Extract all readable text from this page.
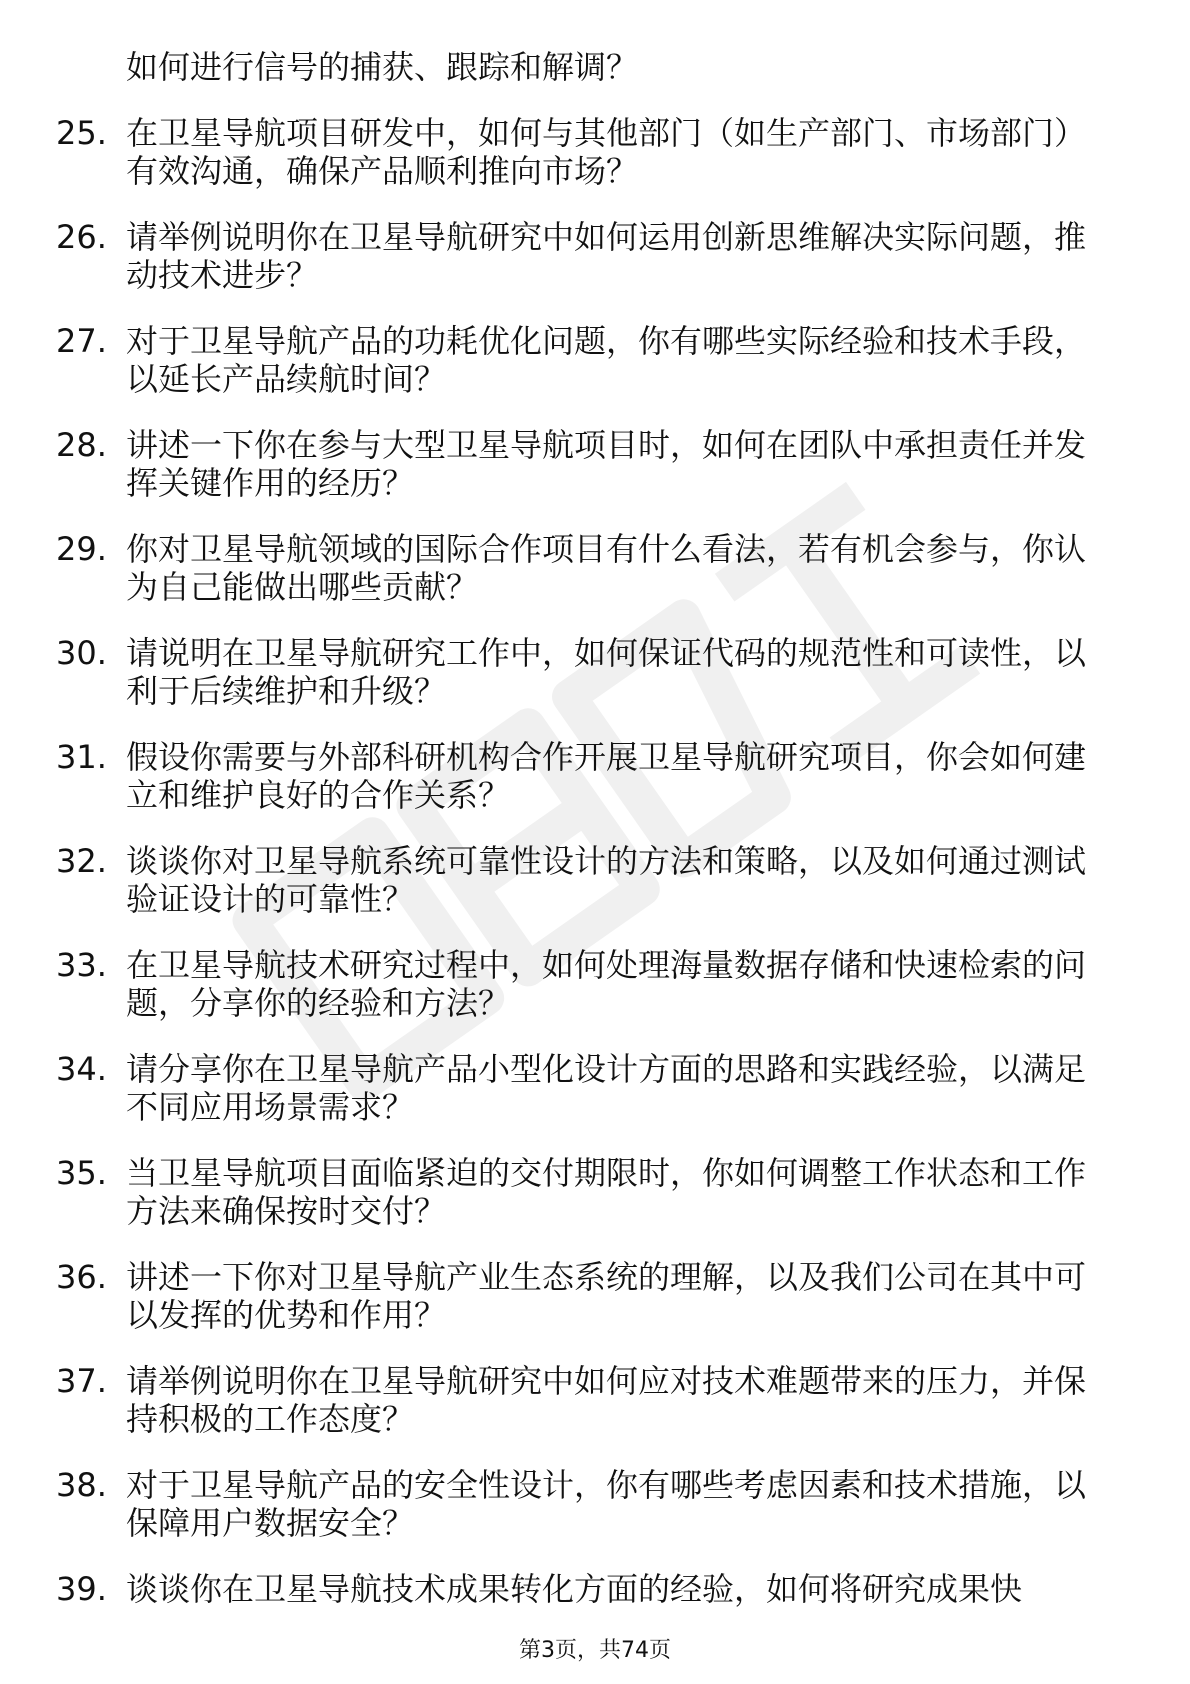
如何进行信号的捕获、跟踪和解调？
25. 在卫星导航项目研发中，如何与其他部门（如生产部门、市场部门）有效沟通，确保产品顺利推向市场？
26. 请举例说明你在卫星导航研究中如何运用创新思维解决实际问题，推动技术进步？
27. 对于卫星导航产品的功耗优化问题，你有哪些实际经验和技术手段，以延长产品续航时间？
28. 讲述一下你在参与大型卫星导航项目时，如何在团队中承担责任并发挥关键作用的经历？
29. 你对卫星导航领域的国际合作项目有什么看法，若有机会参与，你认为自己能做出哪些贡献？
30. 请说明在卫星导航研究工作中，如何保证代码的规范性和可读性，以利于后续维护和升级？
31. 假设你需要与外部科研机构合作开展卫星导航研究项目，你会如何建立和维护良好的合作关系？
32. 谈谈你对卫星导航系统可靠性设计的方法和策略，以及如何通过测试验证设计的可靠性？
33. 在卫星导航技术研究过程中，如何处理海量数据存储和快速检索的问题，分享你的经验和方法？
34. 请分享你在卫星导航产品小型化设计方面的思路和实践经验，以满足不同应用场景需求？
35. 当卫星导航项目面临紧迫的交付期限时，你如何调整工作状态和工作方法来确保按时交付？
36. 讲述一下你对卫星导航产业生态系统的理解，以及我们公司在其中可以发挥的优势和作用？
37. 请举例说明你在卫星导航研究中如何应对技术难题带来的压力，并保持积极的工作态度？
38. 对于卫星导航产品的安全性设计，你有哪些考虑因素和技术措施，以保障用户数据安全？
39. 谈谈你在卫星导航技术成果转化方面的经验，如何将研究成果快
第3页，共74页
